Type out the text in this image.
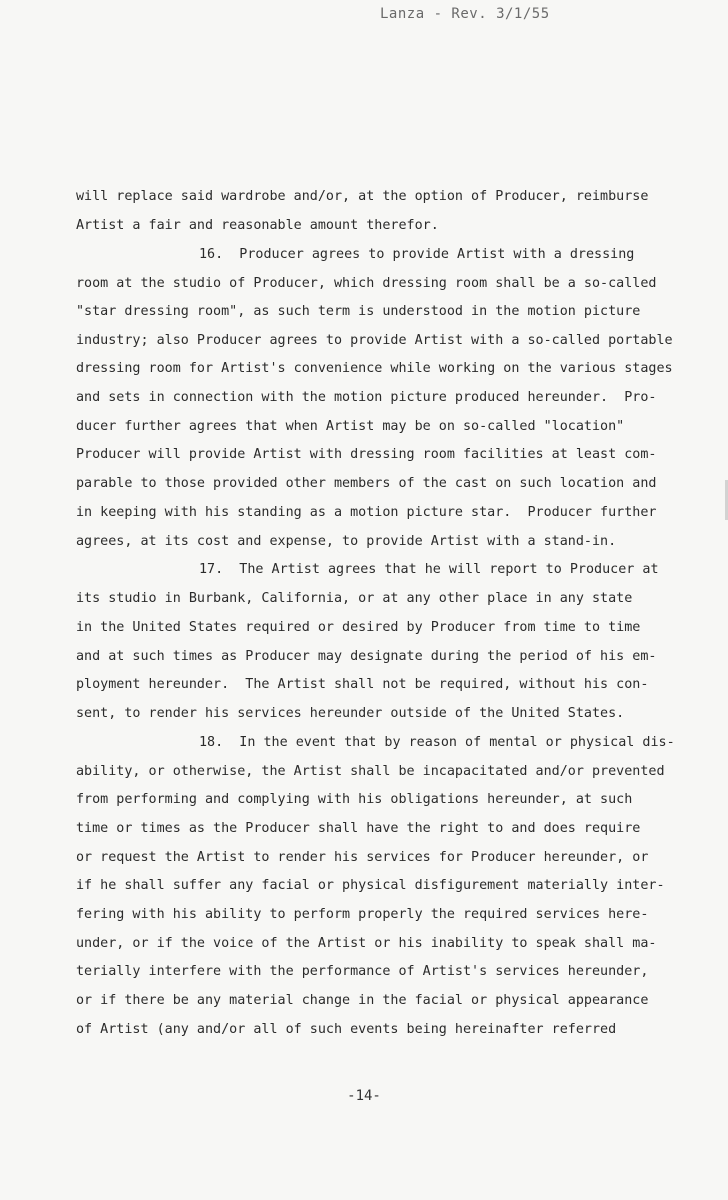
Lanza - Rev. 3/1/55
will replace said wardrobe and/or, at the option of Producer, reimburse
Artist a fair and reasonable amount therefor.
16.  Producer agrees to provide Artist with a dressing
room at the studio of Producer, which dressing room shall be a so-called
"star dressing room", as such term is understood in the motion picture
industry; also Producer agrees to provide Artist with a so-called portable
dressing room for Artist's convenience while working on the various stages
and sets in connection with the motion picture produced hereunder.  Pro-
ducer further agrees that when Artist may be on so-called "location"
Producer will provide Artist with dressing room facilities at least com-
parable to those provided other members of the cast on such location and
in keeping with his standing as a motion picture star.  Producer further
agrees, at its cost and expense, to provide Artist with a stand-in.
17.  The Artist agrees that he will report to Producer at
its studio in Burbank, California, or at any other place in any state
in the United States required or desired by Producer from time to time
and at such times as Producer may designate during the period of his em-
ployment hereunder.  The Artist shall not be required, without his con-
sent, to render his services hereunder outside of the United States.
18.  In the event that by reason of mental or physical dis-
ability, or otherwise, the Artist shall be incapacitated and/or prevented
from performing and complying with his obligations hereunder, at such
time or times as the Producer shall have the right to and does require
or request the Artist to render his services for Producer hereunder, or
if he shall suffer any facial or physical disfigurement materially inter-
fering with his ability to perform properly the required services here-
under, or if the voice of the Artist or his inability to speak shall ma-
terially interfere with the performance of Artist's services hereunder,
or if there be any material change in the facial or physical appearance
of Artist (any and/or all of such events being hereinafter referred
-14-
